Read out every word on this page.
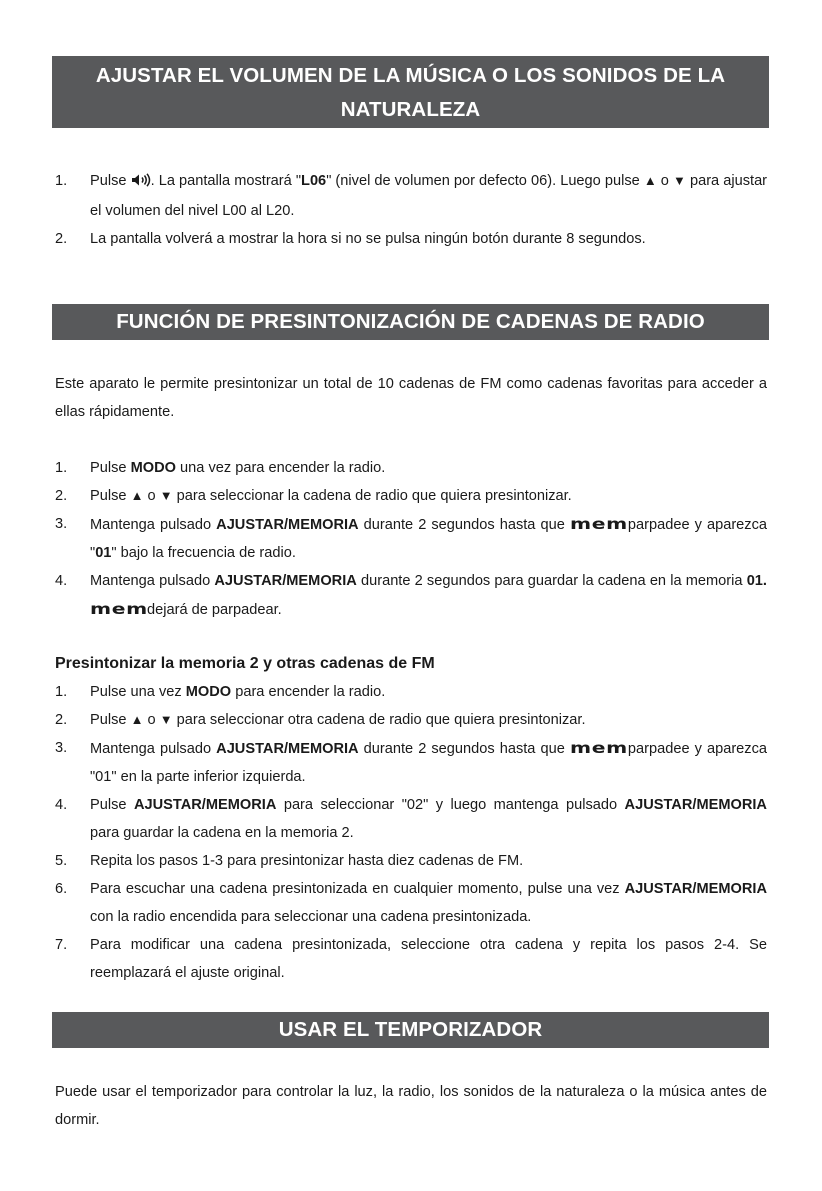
AJUSTAR EL VOLUMEN DE LA MÚSICA O LOS SONIDOS DE LA
NATURALEZA
1. Pulse . La pantalla mostrará "L06" (nivel de volumen por defecto 06). Luego pulse ▲ o ▼ para ajustar el volumen del nivel L00 al L20.
2. La pantalla volverá a mostrar la hora si no se pulsa ningún botón durante 8 segundos.
FUNCIÓN DE PRESINTONIZACIÓN DE CADENAS DE RADIO
Este aparato le permite presintonizar un total de 10 cadenas de FM como cadenas favoritas para acceder a ellas rápidamente.
1. Pulse MODO una vez para encender la radio.
2. Pulse ▲ o ▼ para seleccionar la cadena de radio que quiera presintonizar.
3. Mantenga pulsado AJUSTAR/MEMORIA durante 2 segundos hasta que mem parpadee y aparezca "01" bajo la frecuencia de radio.
4. Mantenga pulsado AJUSTAR/MEMORIA durante 2 segundos para guardar la cadena en la memoria 01. mem dejará de parpadear.
Presintonizar la memoria 2 y otras cadenas de FM
1. Pulse una vez MODO para encender la radio.
2. Pulse ▲ o ▼ para seleccionar otra cadena de radio que quiera presintonizar.
3. Mantenga pulsado AJUSTAR/MEMORIA durante 2 segundos hasta que mem parpadee y aparezca "01" en la parte inferior izquierda.
4. Pulse AJUSTAR/MEMORIA para seleccionar "02" y luego mantenga pulsado AJUSTAR/MEMORIA para guardar la cadena en la memoria 2.
5. Repita los pasos 1-3 para presintonizar hasta diez cadenas de FM.
6. Para escuchar una cadena presintonizada en cualquier momento, pulse una vez AJUSTAR/MEMORIA con la radio encendida para seleccionar una cadena presintonizada.
7. Para modificar una cadena presintonizada, seleccione otra cadena y repita los pasos 2-4. Se reemplazará el ajuste original.
USAR EL TEMPORIZADOR
Puede usar el temporizador para controlar la luz, la radio, los sonidos de la naturaleza o la música antes de dormir.
